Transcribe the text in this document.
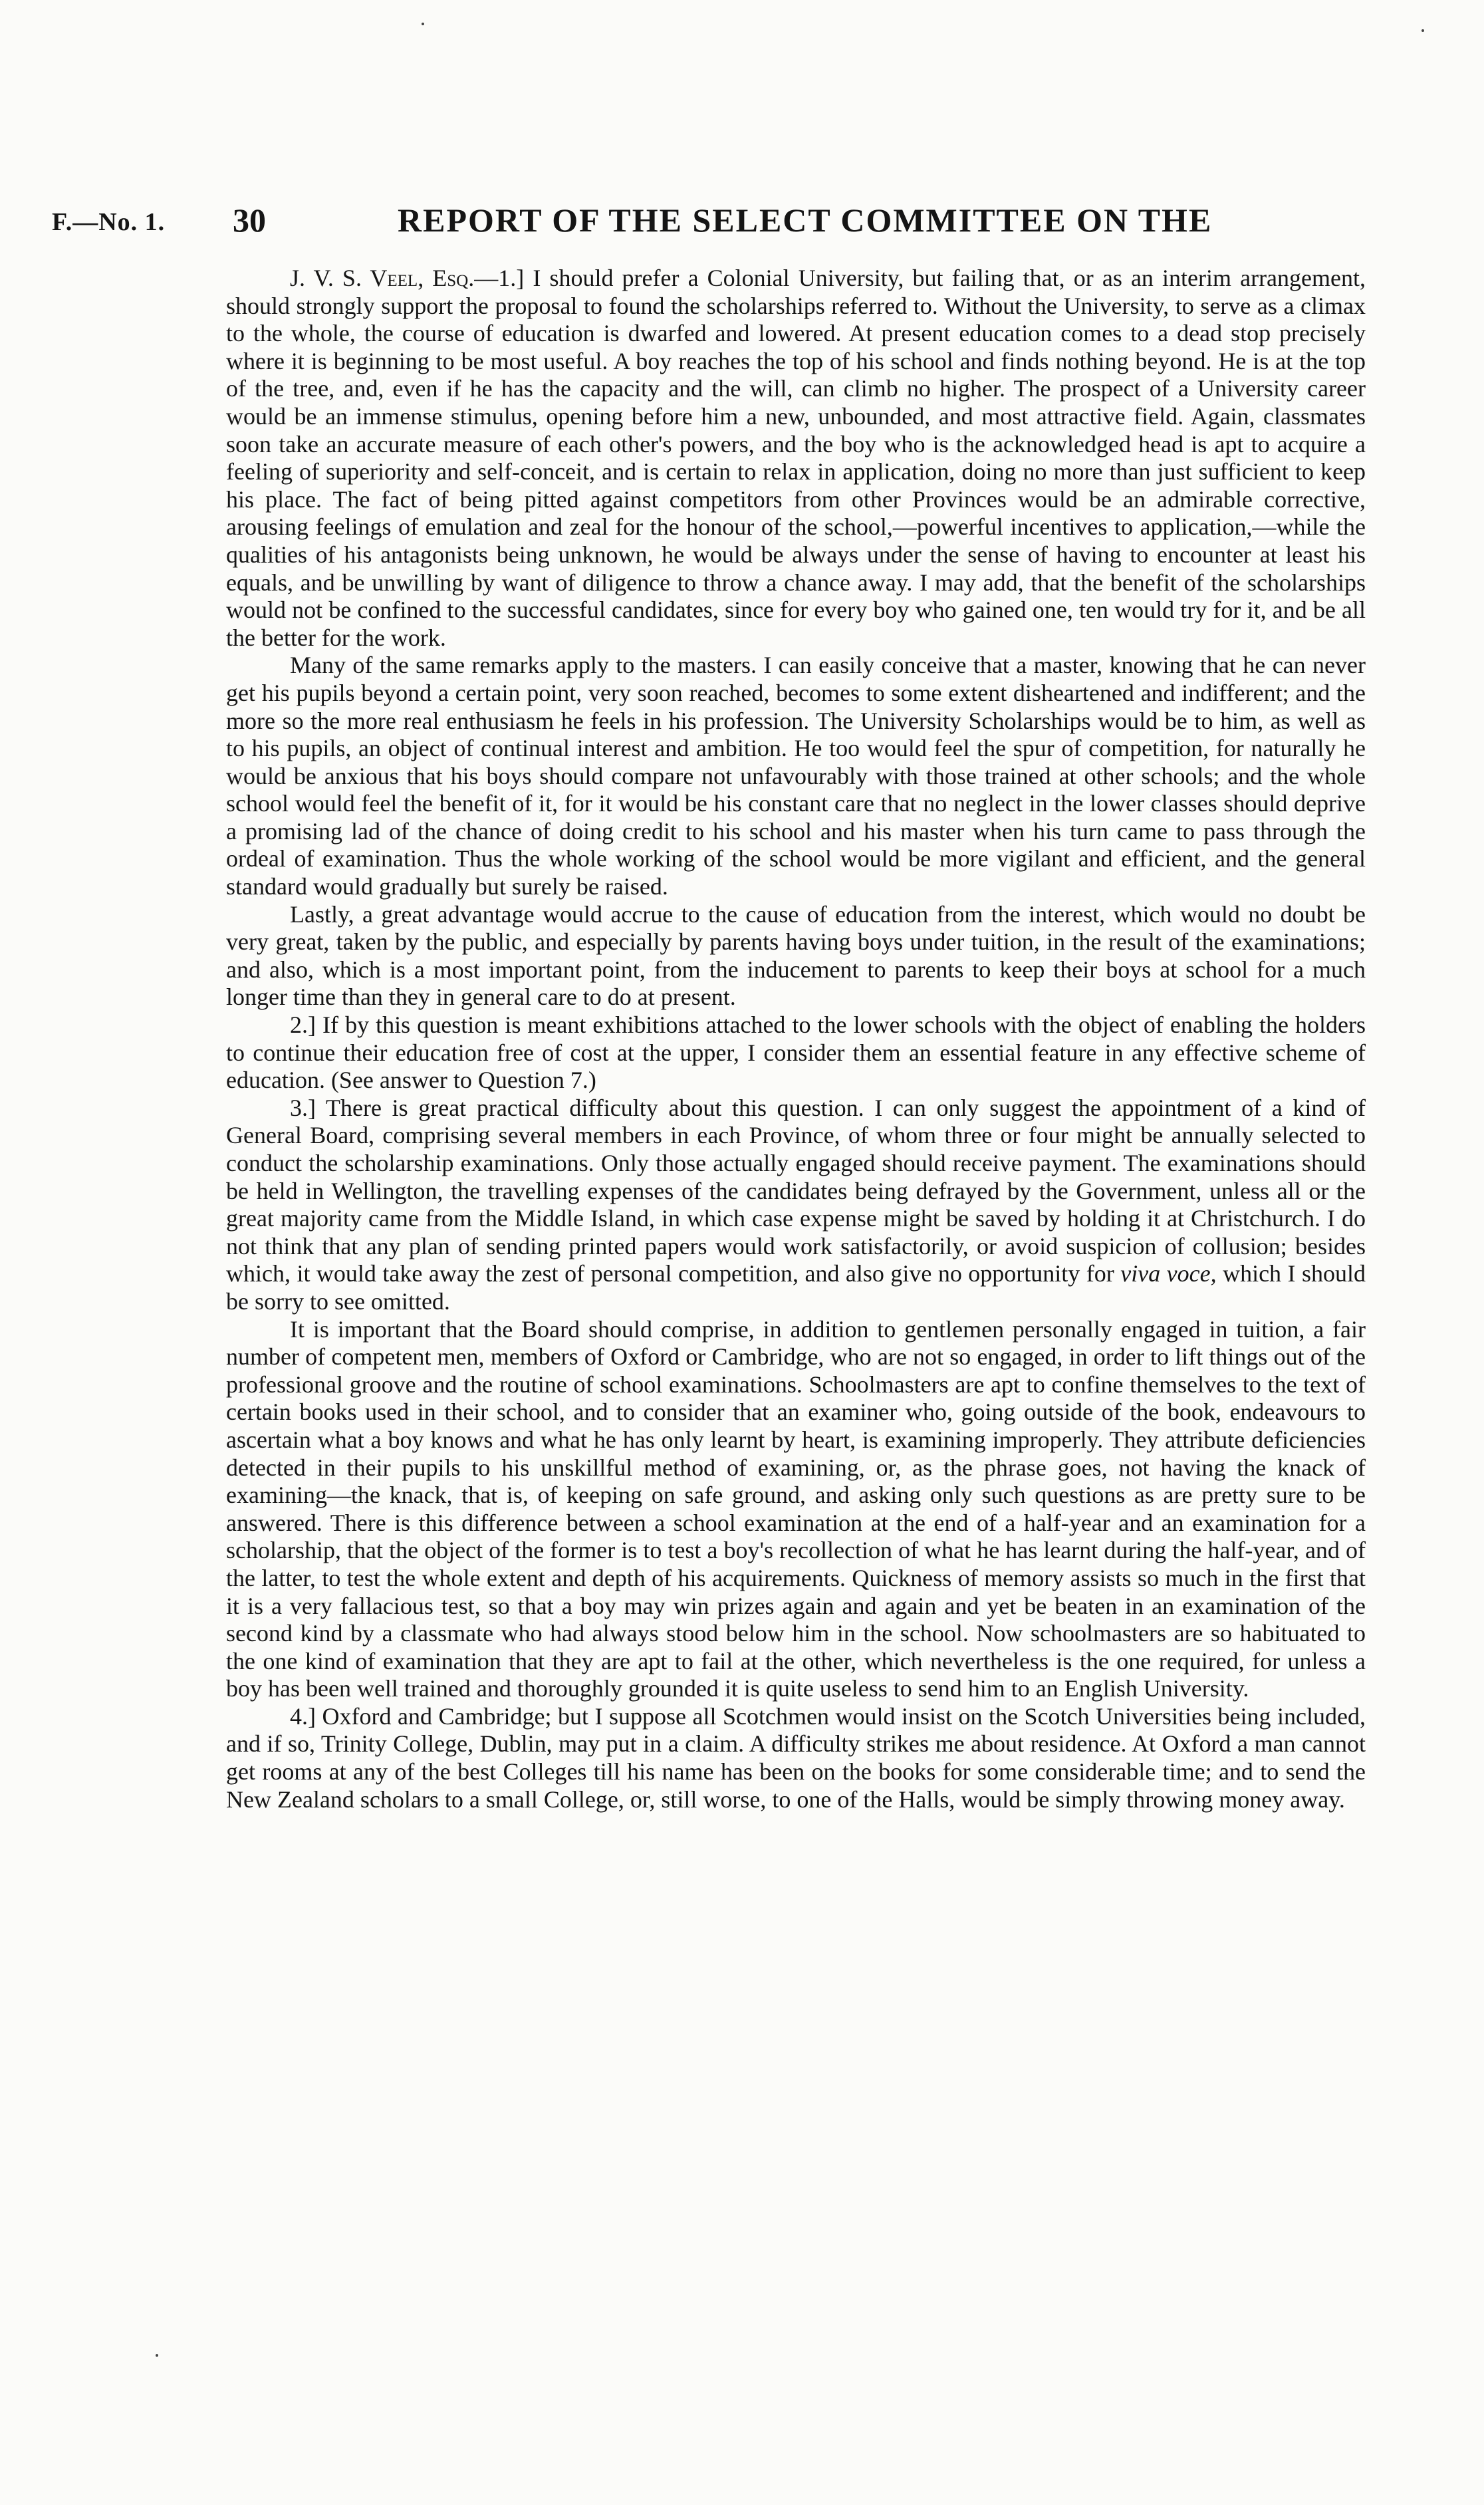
F.—No. 1. 30	REPORT OF THE SELECT COMMITTEE ON THE

J. V. S. Veel, Esq.—1.] I should prefer a Colonial University, but failing that, or as an interim arrangement, should strongly support the proposal to found the scholarships referred to. Without the University, to serve as a climax to the whole, the course of education is dwarfed and lowered. At present education comes to a dead stop precisely where it is beginning to be most useful. A boy reaches the top of his school and finds nothing beyond. He is at the top of the tree, and, even if he has the capacity and the will, can climb no higher. The prospect of a University career would be an immense stimulus, opening before him a new, unbounded, and most attractive field. Again, classmates soon take an accurate measure of each other's powers, and the boy who is the acknowledged head is apt to acquire a feeling of superiority and self-conceit, and is certain to relax in application, doing no more than just sufficient to keep his place. The fact of being pitted against competitors from other Provinces would be an admirable corrective, arousing feelings of emulation and zeal for the honour of the school,—powerful incentives to application,—while the qualities of his antagonists being unknown, he would be always under the sense of having to encounter at least his equals, and be unwilling by want of diligence to throw a chance away. I may add, that the benefit of the scholarships would not be confined to the successful candidates, since for every boy who gained one, ten would try for it, and be all the better for the work.

Many of the same remarks apply to the masters. I can easily conceive that a master, knowing that he can never get his pupils beyond a certain point, very soon reached, becomes to some extent disheartened and indifferent; and the more so the more real enthusiasm he feels in his profession. The University Scholarships would be to him, as well as to his pupils, an object of continual interest and ambition. He too would feel the spur of competition, for naturally he would be anxious that his boys should compare not unfavourably with those trained at other schools; and the whole school would feel the benefit of it, for it would be his constant care that no neglect in the lower classes should deprive a promising lad of the chance of doing credit to his school and his master when his turn came to pass through the ordeal of examination. Thus the whole working of the school would be more vigilant and efficient, and the general standard would gradually but surely be raised.

Lastly, a great advantage would accrue to the cause of education from the interest, which would no doubt be very great, taken by the public, and especially by parents having boys under tuition, in the result of the examinations; and also, which is a most important point, from the inducement to parents to keep their boys at school for a much longer time than they in general care to do at present.

2.] If by this question is meant exhibitions attached to the lower schools with the object of enabling the holders to continue their education free of cost at the upper, I consider them an essential feature in any effective scheme of education. (See answer to Question 7.)

3.] There is great practical difficulty about this question. I can only suggest the appointment of a kind of General Board, comprising several members in each Province, of whom three or four might be annually selected to conduct the scholarship examinations. Only those actually engaged should receive payment. The examinations should be held in Wellington, the travelling expenses of the candidates being defrayed by the Government, unless all or the great majority came from the Middle Island, in which case expense might be saved by holding it at Christchurch. I do not think that any plan of sending printed papers would work satisfactorily, or avoid suspicion of collusion; besides which, it would take away the zest of personal competition, and also give no opportunity for viva voce, which I should be sorry to see omitted.

It is important that the Board should comprise, in addition to gentlemen personally engaged in tuition, a fair number of competent men, members of Oxford or Cambridge, who are not so engaged, in order to lift things out of the professional groove and the routine of school examinations. Schoolmasters are apt to confine themselves to the text of certain books used in their school, and to consider that an examiner who, going outside of the book, endeavours to ascertain what a boy knows and what he has only learnt by heart, is examining improperly. They attribute deficiencies detected in their pupils to his unskillful method of examining, or, as the phrase goes, not having the knack of examining—the knack, that is, of keeping on safe ground, and asking only such questions as are pretty sure to be answered. There is this difference between a school examination at the end of a half-year and an examination for a scholarship, that the object of the former is to test a boy's recollection of what he has learnt during the half-year, and of the latter, to test the whole extent and depth of his acquirements. Quickness of memory assists so much in the first that it is a very fallacious test, so that a boy may win prizes again and again and yet be beaten in an examination of the second kind by a classmate who had always stood below him in the school. Now schoolmasters are so habituated to the one kind of examination that they are apt to fail at the other, which nevertheless is the one required, for unless a boy has been well trained and thoroughly grounded it is quite useless to send him to an English University.

4.] Oxford and Cambridge; but I suppose all Scotchmen would insist on the Scotch Universities being included, and if so, Trinity College, Dublin, may put in a claim. A difficulty strikes me about residence. At Oxford a man cannot get rooms at any of the best Colleges till his name has been on the books for some considerable time; and to send the New Zealand scholars to a small College, or, still worse, to one of the Halls, would be simply throwing money away.
